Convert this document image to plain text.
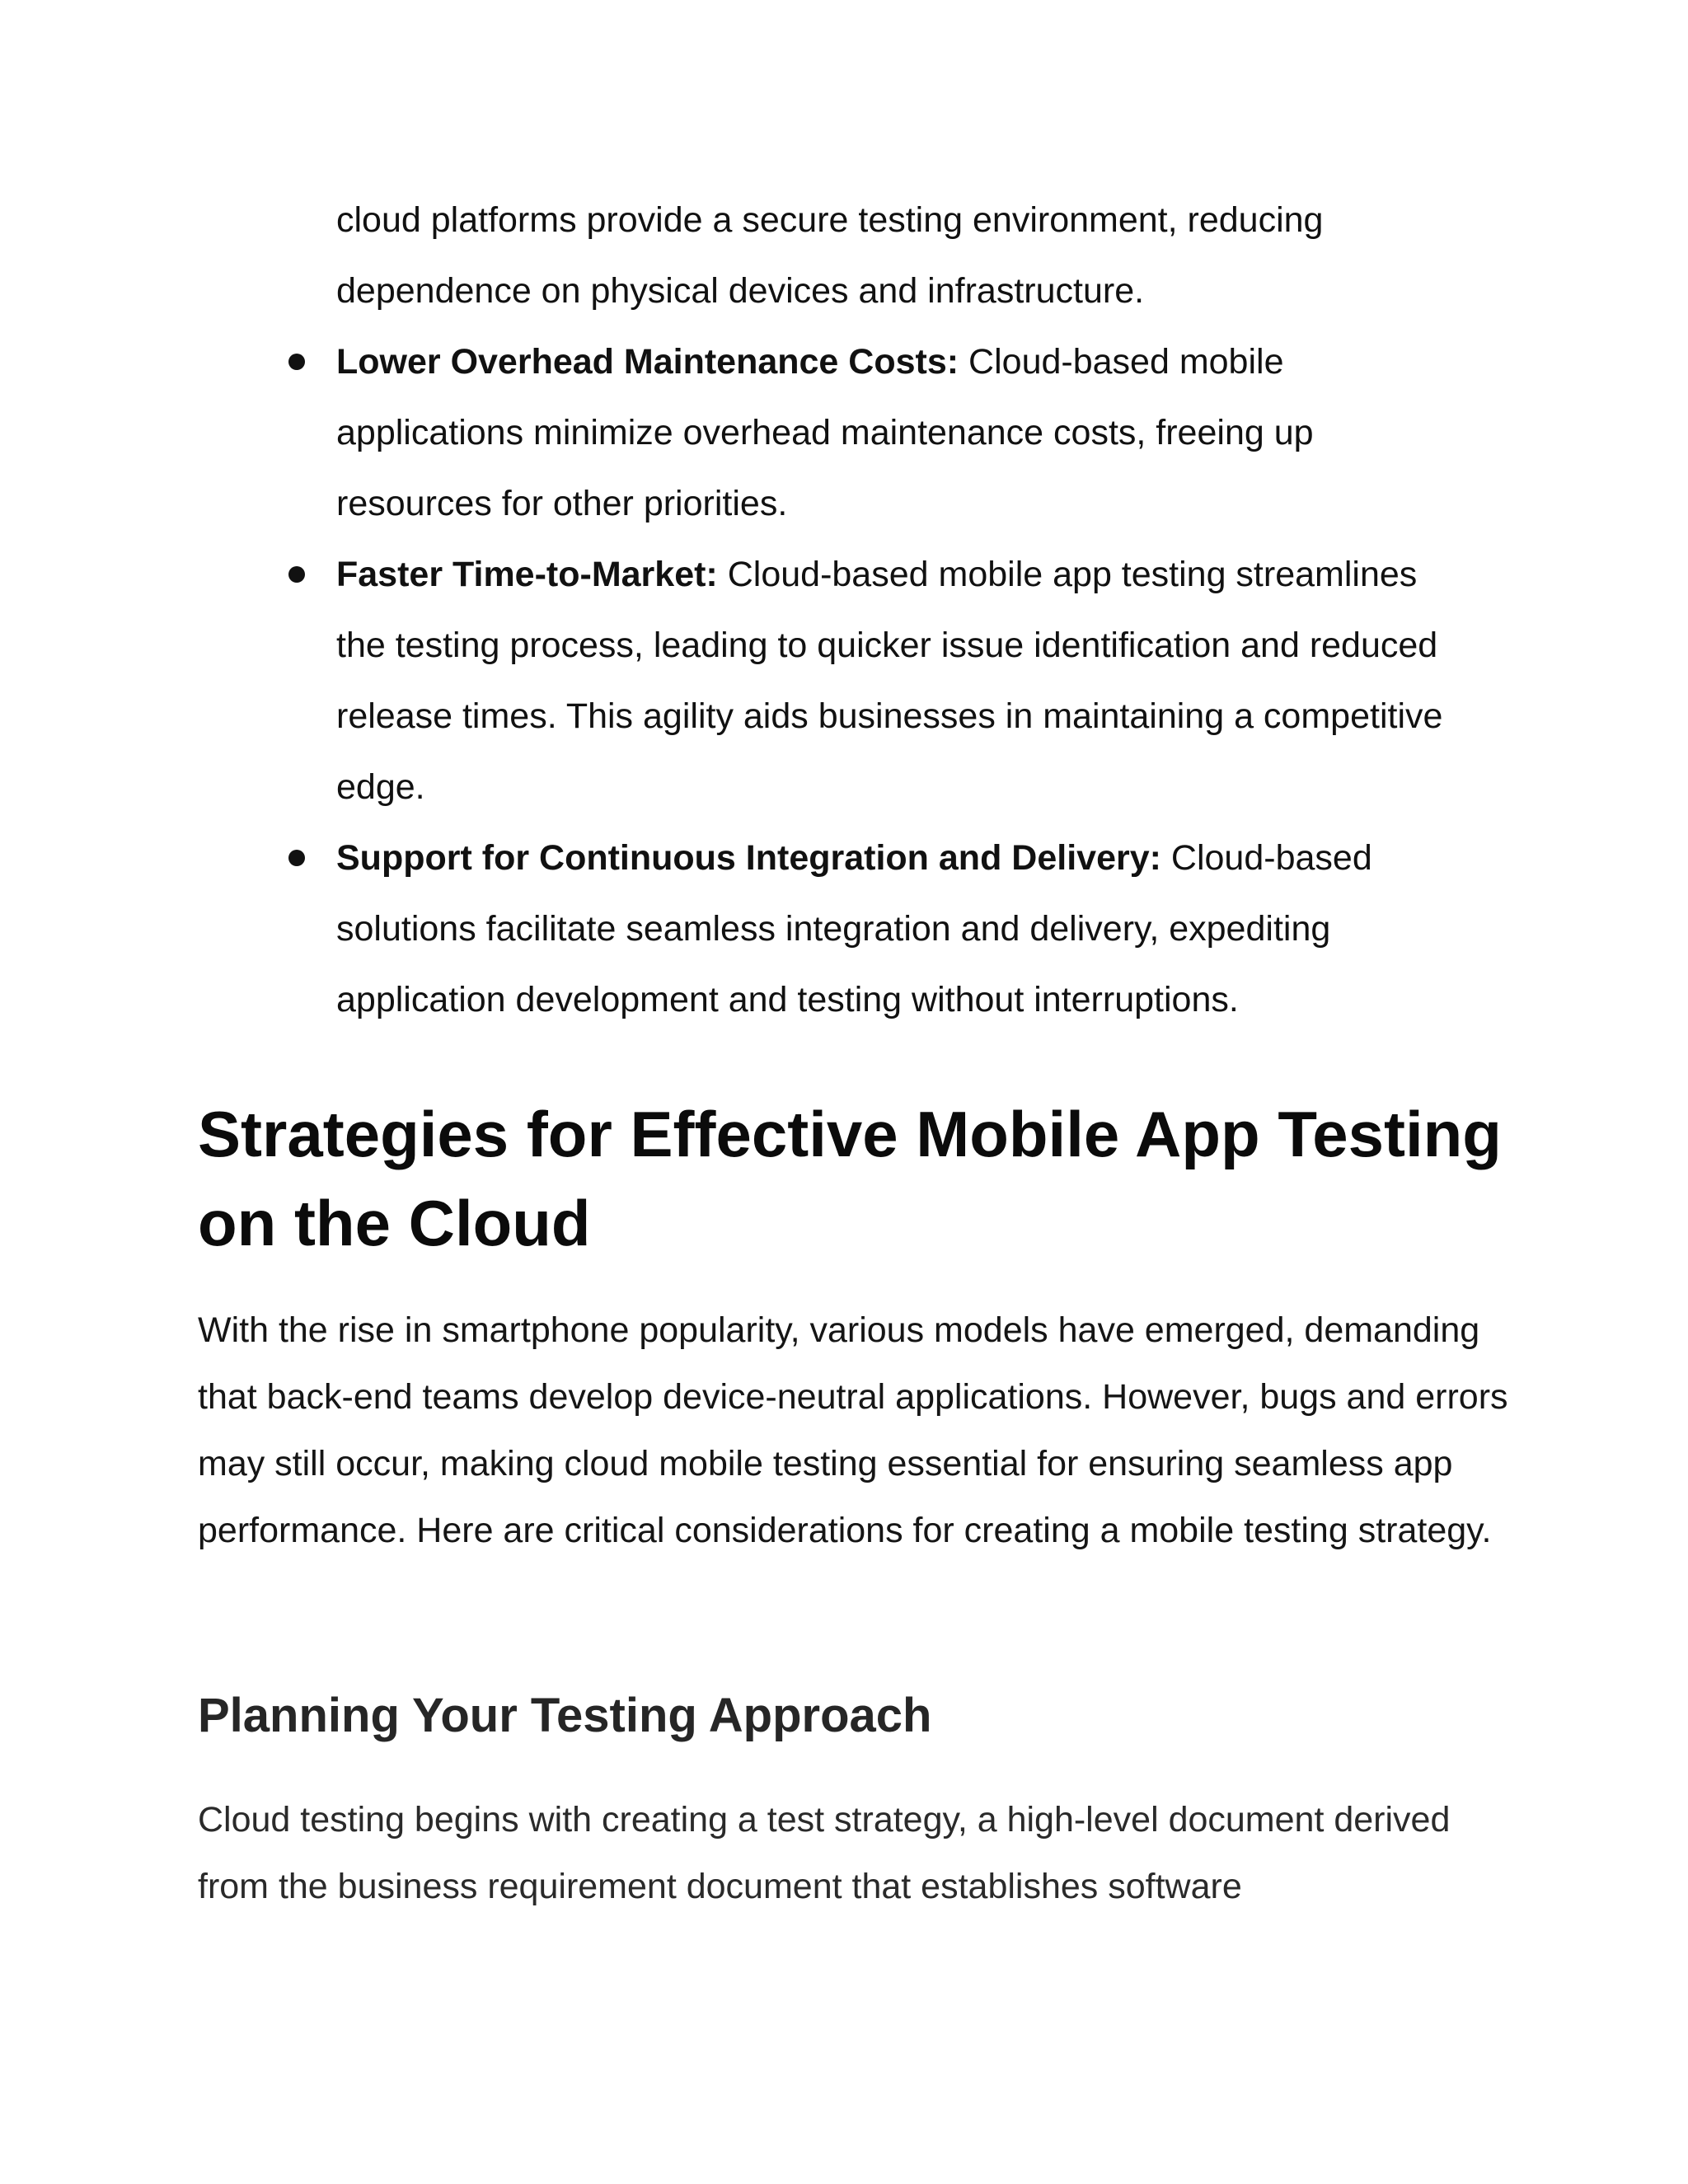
cloud platforms provide a secure testing environment, reducing
dependence on physical devices and infrastructure.
Lower Overhead Maintenance Costs: Cloud-based mobile applications minimize overhead maintenance costs, freeing up resources for other priorities.
Faster Time-to-Market: Cloud-based mobile app testing streamlines the testing process, leading to quicker issue identification and reduced release times. This agility aids businesses in maintaining a competitive edge.
Support for Continuous Integration and Delivery: Cloud-based solutions facilitate seamless integration and delivery, expediting application development and testing without interruptions.
Strategies for Effective Mobile App Testing on the Cloud

With the rise in smartphone popularity, various models have emerged, demanding that back-end teams develop device-neutral applications. However, bugs and errors may still occur, making cloud mobile testing essential for ensuring seamless app performance. Here are critical considerations for creating a mobile testing strategy.

Planning Your Testing Approach

Cloud testing begins with creating a test strategy, a high-level document derived from the business requirement document that establishes software
